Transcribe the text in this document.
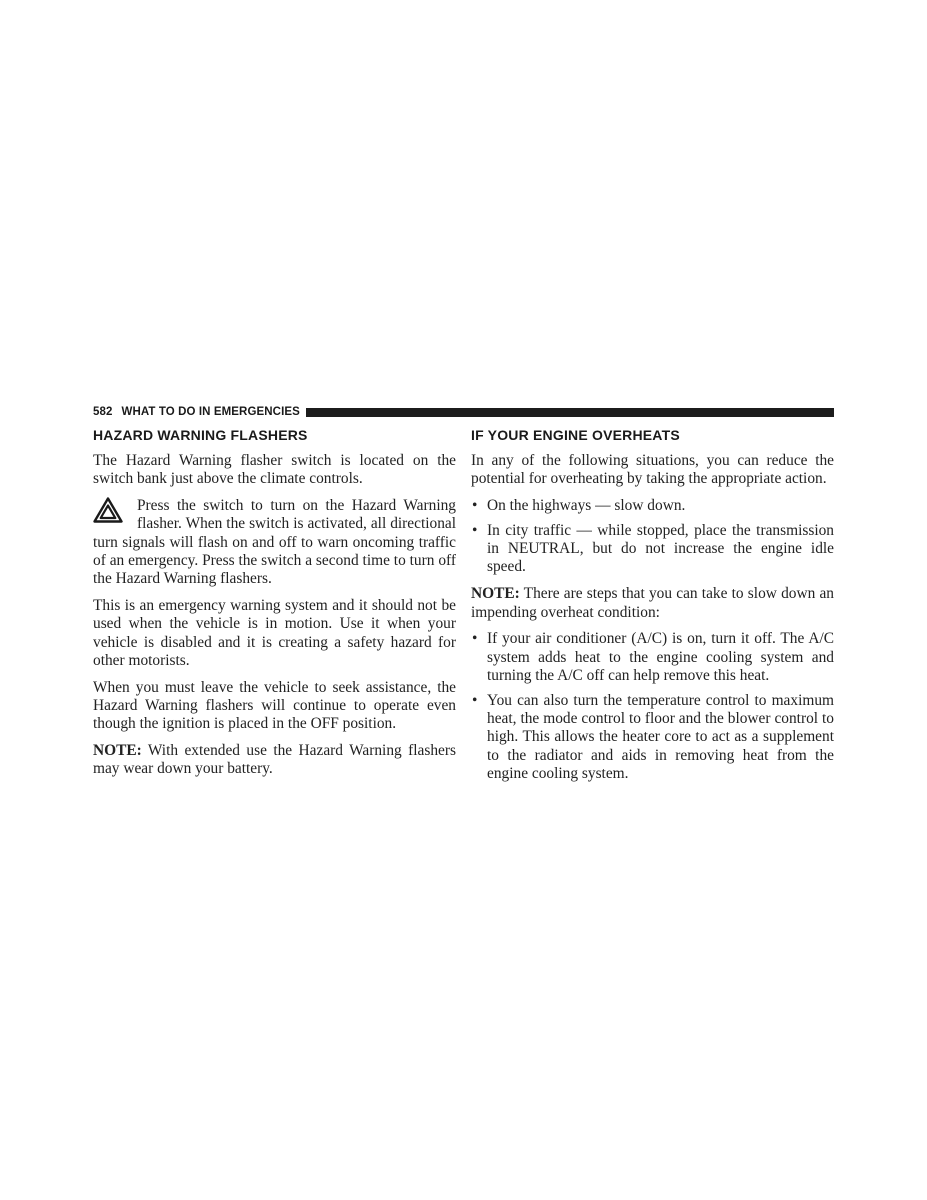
582 WHAT TO DO IN EMERGENCIES
HAZARD WARNING FLASHERS

The Hazard Warning flasher switch is located on the switch bank just above the climate controls.

Press the switch to turn on the Hazard Warning flasher. When the switch is activated, all directional turn signals will flash on and off to warn oncoming traffic of an emergency. Press the switch a second time to turn off the Hazard Warning flashers.

This is an emergency warning system and it should not be used when the vehicle is in motion. Use it when your vehicle is disabled and it is creating a safety hazard for other motorists.

When you must leave the vehicle to seek assistance, the Hazard Warning flashers will continue to operate even though the ignition is placed in the OFF position.

NOTE: With extended use the Hazard Warning flashers may wear down your battery.

IF YOUR ENGINE OVERHEATS

In any of the following situations, you can reduce the potential for overheating by taking the appropriate action.

• On the highways — slow down.
• In city traffic — while stopped, place the transmission in NEUTRAL, but do not increase the engine idle speed.

NOTE: There are steps that you can take to slow down an impending overheat condition:

• If your air conditioner (A/C) is on, turn it off. The A/C system adds heat to the engine cooling system and turning the A/C off can help remove this heat.
• You can also turn the temperature control to maximum heat, the mode control to floor and the blower control to high. This allows the heater core to act as a supplement to the radiator and aids in removing heat from the engine cooling system.
